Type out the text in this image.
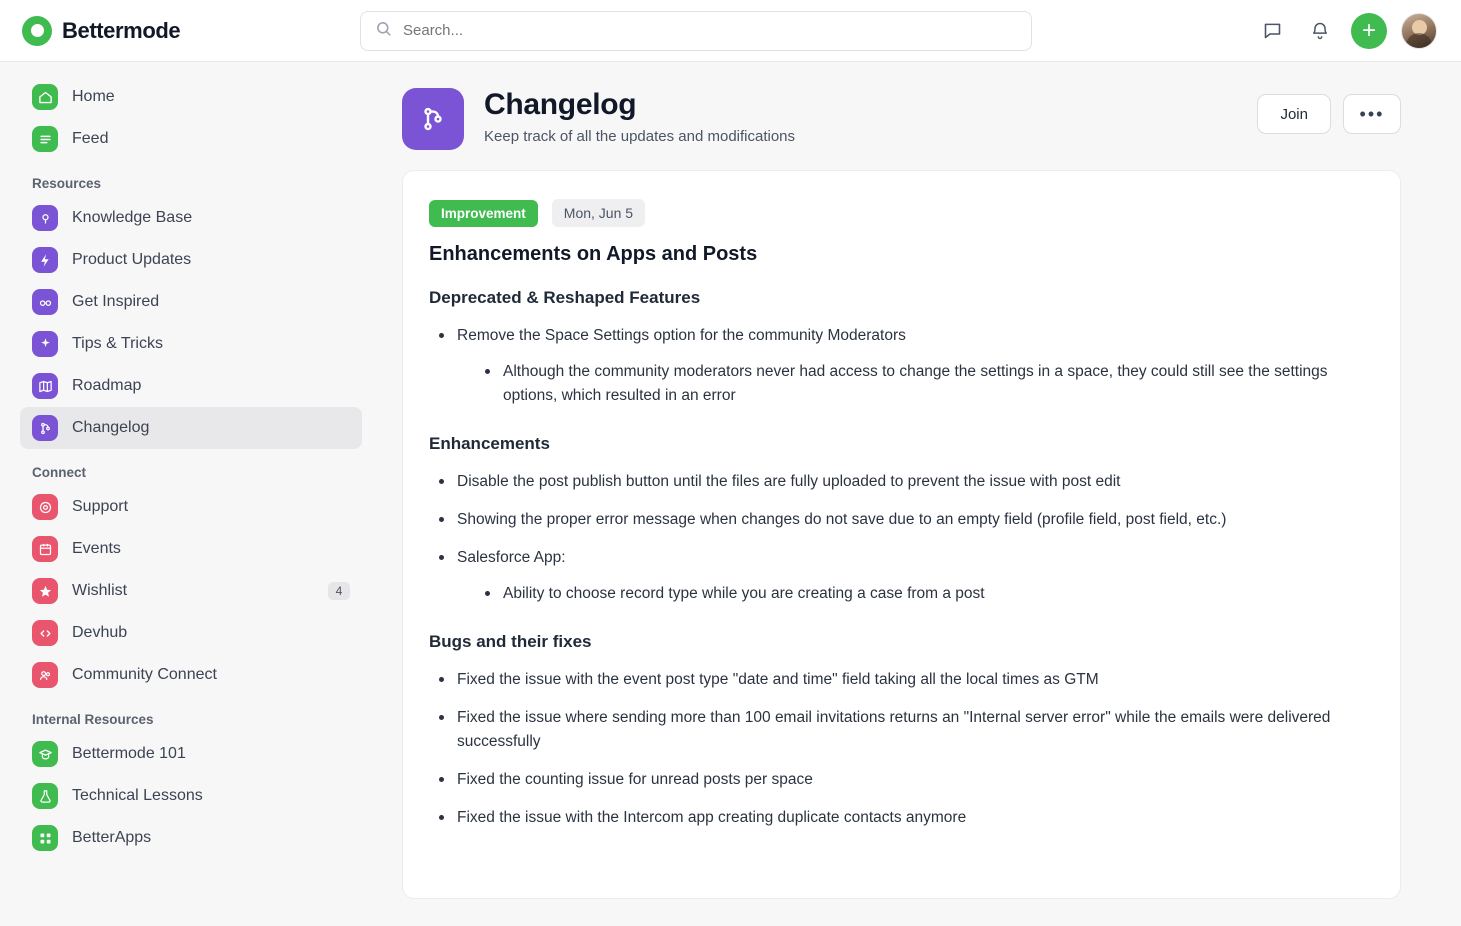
Bettermode
Search...	+
Home
Feed
Resources
Knowledge Base
Product Updates
Get Inspired
Tips & Tricks
Roadmap
Changelog
Connect
Support
Events
Wishlist	4
Devhub
Community Connect
Internal Resources
Bettermode 101
Technical Lessons
BetterApps
Changelog
Keep track of all the updates and modifications
Join	•••
Improvement	Mon, Jun 5
Enhancements on Apps and Posts
Deprecated & Reshaped Features
Remove the Space Settings option for the community Moderators
Although the community moderators never had access to change the settings in a space, they could still see the settings options, which resulted in an error
Enhancements
Disable the post publish button until the files are fully uploaded to prevent the issue with post edit
Showing the proper error message when changes do not save due to an empty field (profile field, post field, etc.)
Salesforce App:
Ability to choose record type while you are creating a case from a post
Bugs and their fixes
Fixed the issue with the event post type "date and time" field taking all the local times as GTM
Fixed the issue where sending more than 100 email invitations returns an "Internal server error" while the emails were delivered successfully
Fixed the counting issue for unread posts per space
Fixed the issue with the Intercom app creating duplicate contacts anymore
